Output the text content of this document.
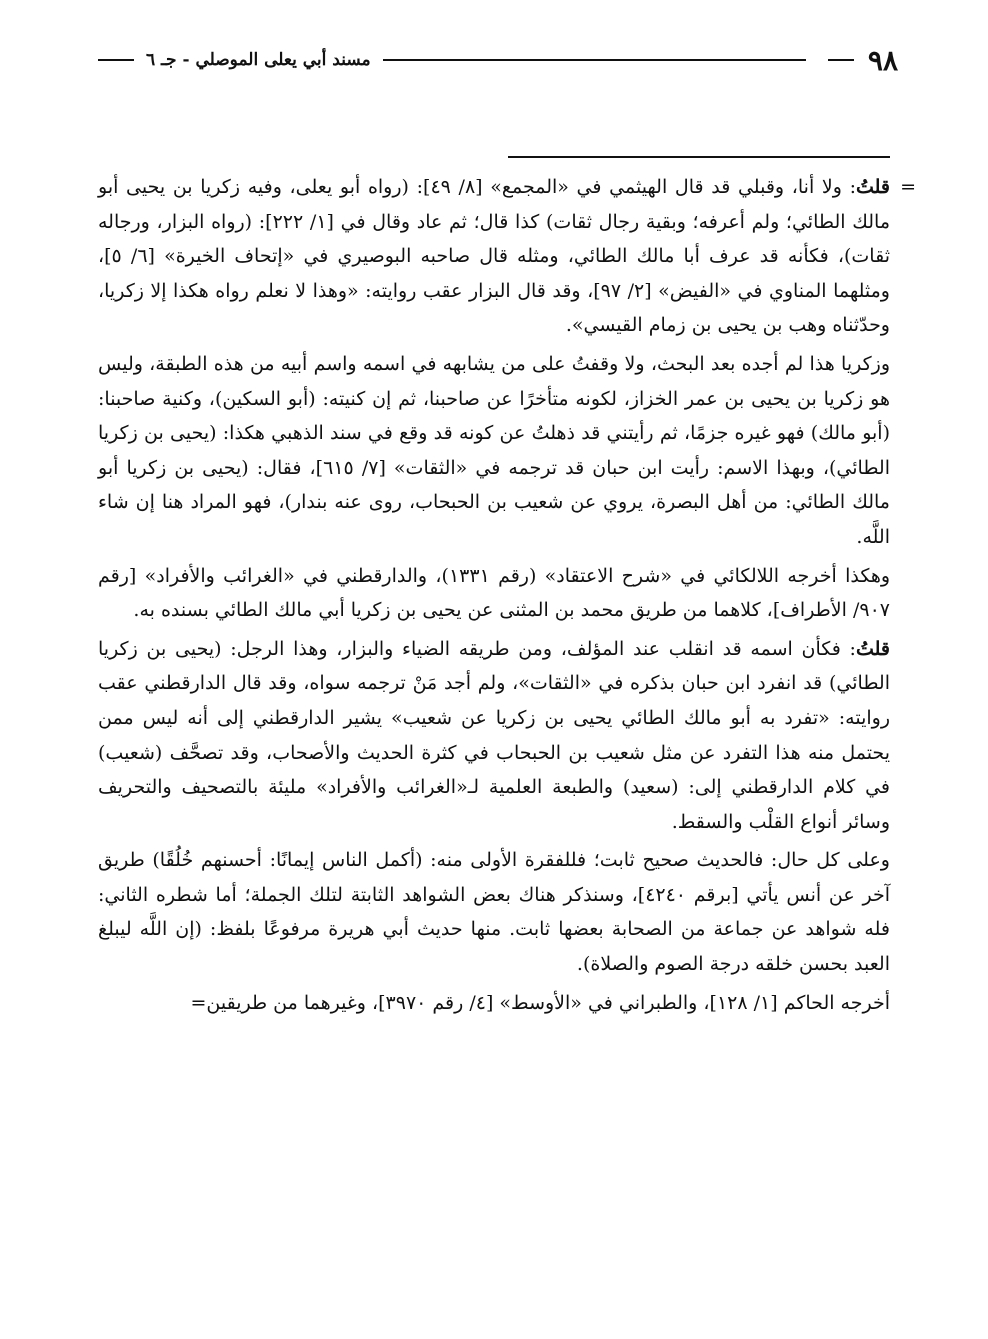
٩٨
مسند أبي يعلى الموصلي - جـ ٦

=
قلتُ: ولا أنا، وقبلي قد قال الهيثمي في «المجمع» [٨/ ٤٩]: (رواه أبو يعلى، وفيه زكريا بن يحيى أبو مالك الطائي؛ ولم أعرفه؛ وبقية رجال ثقات) كذا قال؛ ثم عاد وقال في [١/ ٢٢٢]: (رواه البزار، ورجاله ثقات)، فكأنه قد عرف أبا مالك الطائي، ومثله قال صاحبه البوصيري في «إتحاف الخيرة» [٦/ ٥]، ومثلهما المناوي في «الفيض» [٢/ ٩٧]، وقد قال البزار عقب روايته: «وهذا لا نعلم رواه هكذا إلا زكريا، وحدّثناه وهب بن يحيى بن زمام القيسي».

وزكريا هذا لم أجده بعد البحث، ولا وقفتُ على من يشابهه في اسمه واسم أبيه من هذه الطبقة، وليس هو زكريا بن يحيى بن عمر الخزاز، لكونه متأخرًا عن صاحبنا، ثم إن كنيته: (أبو السكين)، وكنية صاحبنا: (أبو مالك) فهو غيره جزمًا، ثم رأيتني قد ذهلتُ عن كونه قد وقع في سند الذهبي هكذا: (يحيى بن زكريا الطائي)، وبهذا الاسم: رأيت ابن حبان قد ترجمه في «الثقات» [٧/ ٦١٥]، فقال: (يحيى بن زكريا أبو مالك الطائي: من أهل البصرة، يروي عن شعيب بن الحبحاب، روى عنه بندار)، فهو المراد هنا إن شاء اللَّه.

وهكذا أخرجه اللالكائي في «شرح الاعتقاد» (رقم ١٣٣١)، والدارقطني في «الغرائب والأفراد» [رقم ٩٠٧/ الأطراف]، كلاهما من طريق محمد بن المثنى عن يحيى بن زكريا أبي مالك الطائي بسنده به.

قلتُ: فكأن اسمه قد انقلب عند المؤلف، ومن طريقه الضياء والبزار، وهذا الرجل: (يحيى بن زكريا الطائي) قد انفرد ابن حبان بذكره في «الثقات»، ولم أجد مَنْ ترجمه سواه، وقد قال الدارقطني عقب روايته: «تفرد به أبو مالك الطائي يحيى بن زكريا عن شعيب» يشير الدارقطني إلى أنه ليس ممن يحتمل منه هذا التفرد عن مثل شعيب بن الحبحاب في كثرة الحديث والأصحاب، وقد تصحَّف (شعيب) في كلام الدارقطني إلى: (سعيد) والطبعة العلمية لـ«الغرائب والأفراد» مليئة بالتصحيف والتحريف وسائر أنواع القلْب والسقط.

وعلى كل حال: فالحديث صحيح ثابت؛ فللفقرة الأولى منه: (أكمل الناس إيمانًا: أحسنهم خُلُقًا) طريق آخر عن أنس يأتي [برقم ٤٢٤٠]، وسنذكر هناك بعض الشواهد الثابتة لتلك الجملة؛ أما شطره الثاني: فله شواهد عن جماعة من الصحابة بعضها ثابت. منها حديث أبي هريرة مرفوعًا بلفظ: (إن اللَّه ليبلغ العبد بحسن خلقه درجة الصوم والصلاة).

أخرجه الحاكم [١/ ١٢٨]، والطبراني في «الأوسط» [٤/ رقم ٣٩٧٠]، وغيرهما من طريقين=
